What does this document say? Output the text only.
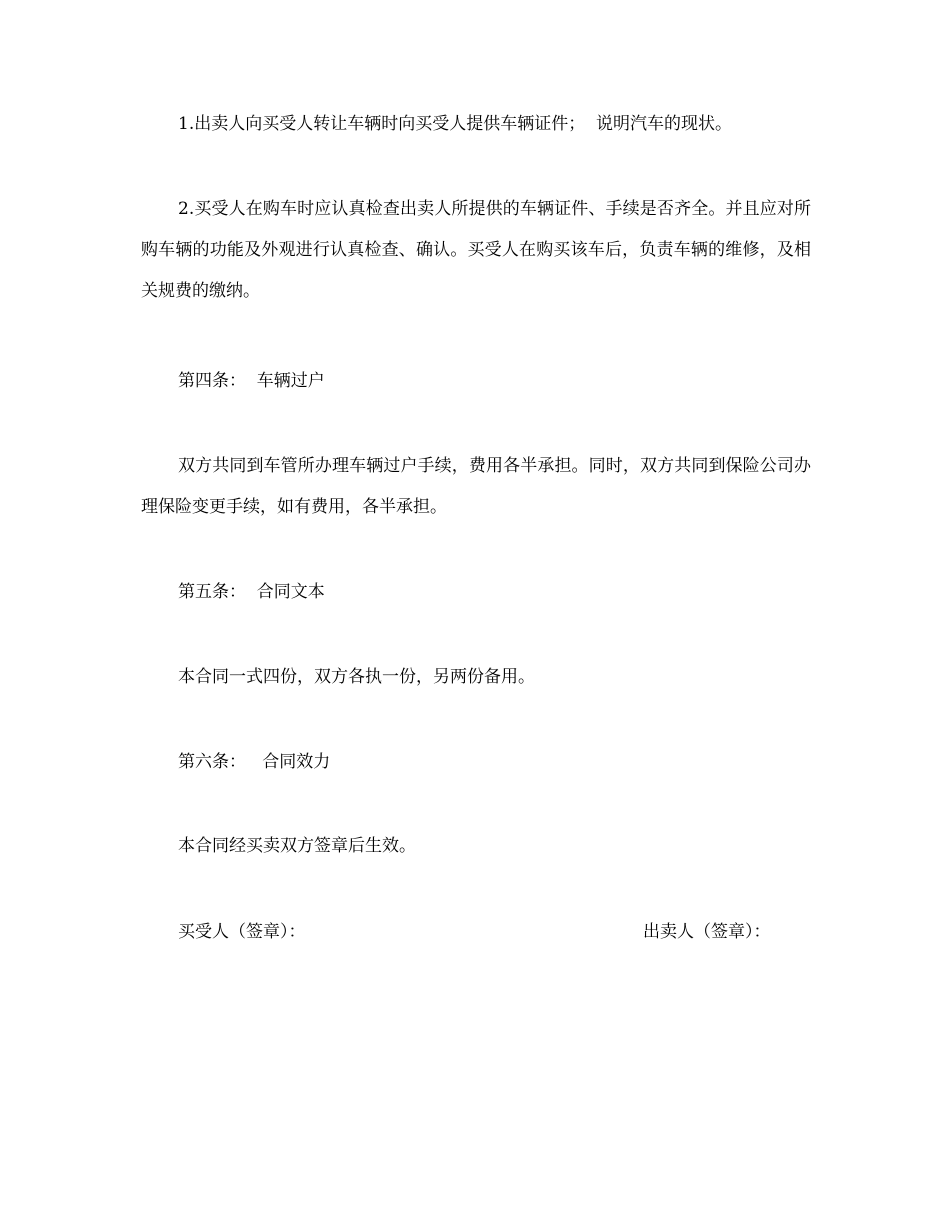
1.出卖人向买受人转让车辆时向买受人提供车辆证件；  说明汽车的现状。

2.买受人在购车时应认真检查出卖人所提供的车辆证件、手续是否齐全。并且应对所购车辆的功能及外观进行认真检查、确认。买受人在购买该车后，负责车辆的维修，及相关规费的缴纳。

第四条：  车辆过户

双方共同到车管所办理车辆过户手续，费用各半承担。同时，双方共同到保险公司办理保险变更手续，如有费用，各半承担。

第五条：  合同文本

本合同一式四份，双方各执一份，另两份备用。

第六条：   合同效力

本合同经买卖双方签章后生效。

买受人（签章）：	出卖人（签章）：
